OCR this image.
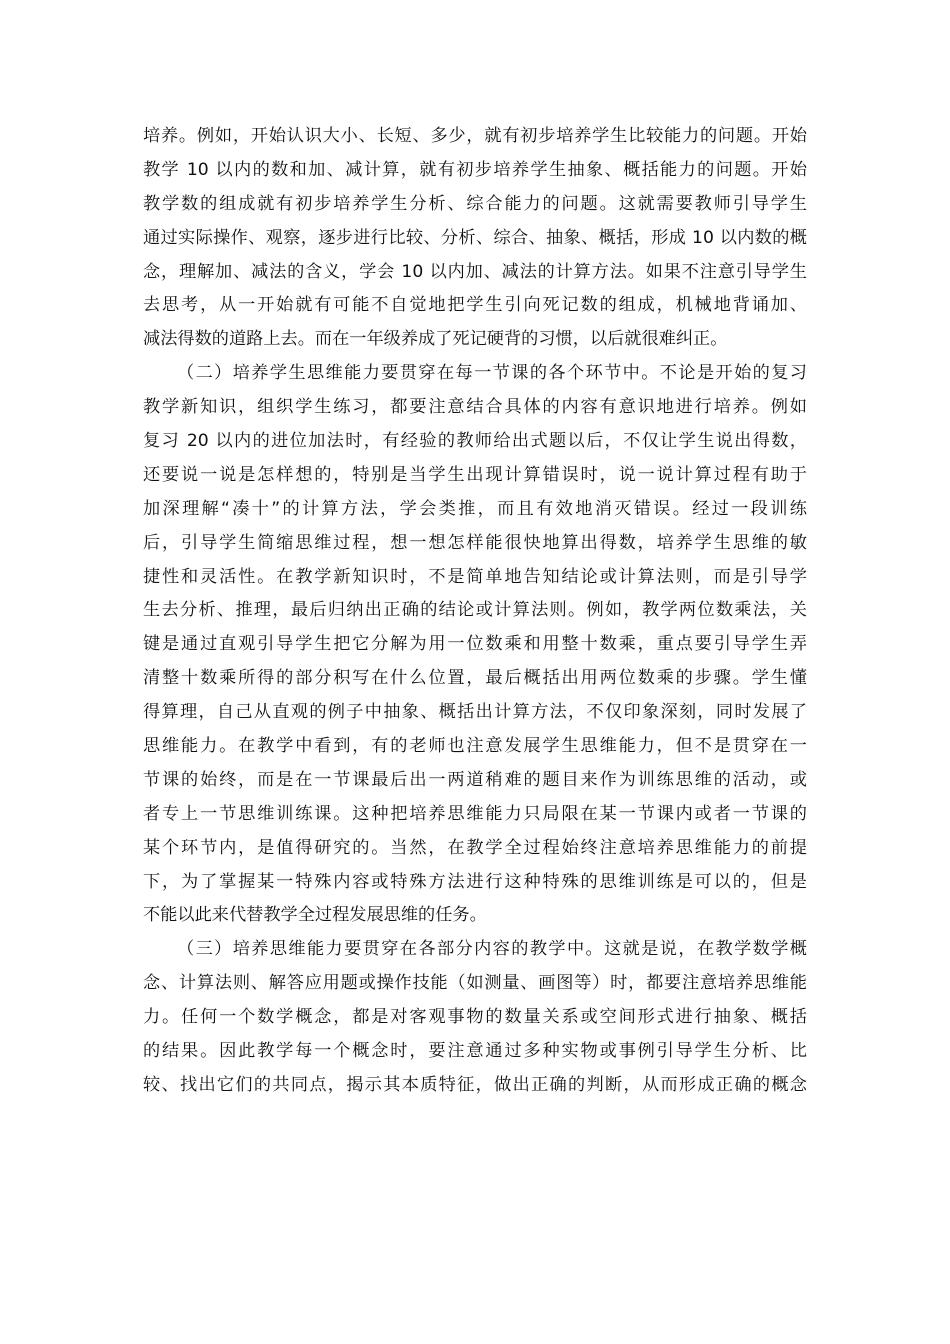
培养。例如，开始认识大小、长短、多少，就有初步培养学生比较能力的问题。开始
教学 10 以内的数和加、减计算，就有初步培养学生抽象、概括能力的问题。开始
教学数的组成就有初步培养学生分析、综合能力的问题。这就需要教师引导学生
通过实际操作、观察，逐步进行比较、分析、综合、抽象、概括，形成 10 以内数的概
念，理解加、减法的含义，学会 10 以内加、减法的计算方法。如果不注意引导学生
去思考，从一开始就有可能不自觉地把学生引向死记数的组成，机械地背诵加、
减法得数的道路上去。而在一年级养成了死记硬背的习惯，以后就很难纠正。
（二）培养学生思维能力要贯穿在每一节课的各个环节中。不论是开始的复习
教学新知识，组织学生练习，都要注意结合具体的内容有意识地进行培养。例如
复习 20 以内的进位加法时，有经验的教师给出式题以后，不仅让学生说出得数，
还要说一说是怎样想的，特别是当学生出现计算错误时，说一说计算过程有助于
加深理解“凑十”的计算方法，学会类推，而且有效地消灭错误。经过一段训练
后，引导学生简缩思维过程，想一想怎样能很快地算出得数，培养学生思维的敏
捷性和灵活性。在教学新知识时，不是简单地告知结论或计算法则，而是引导学
生去分析、推理，最后归纳出正确的结论或计算法则。例如，教学两位数乘法，关
键是通过直观引导学生把它分解为用一位数乘和用整十数乘，重点要引导学生弄
清整十数乘所得的部分积写在什么位置，最后概括出用两位数乘的步骤。学生懂
得算理，自己从直观的例子中抽象、概括出计算方法，不仅印象深刻，同时发展了
思维能力。在教学中看到，有的老师也注意发展学生思维能力，但不是贯穿在一
节课的始终，而是在一节课最后出一两道稍难的题目来作为训练思维的活动，或
者专上一节思维训练课。这种把培养思维能力只局限在某一节课内或者一节课的
某个环节内，是值得研究的。当然，在教学全过程始终注意培养思维能力的前提
下，为了掌握某一特殊内容或特殊方法进行这种特殊的思维训练是可以的，但是
不能以此来代替教学全过程发展思维的任务。
（三）培养思维能力要贯穿在各部分内容的教学中。这就是说，在教学数学概
念、计算法则、解答应用题或操作技能（如测量、画图等）时，都要注意培养思维能
力。任何一个数学概念，都是对客观事物的数量关系或空间形式进行抽象、概括
的结果。因此教学每一个概念时，要注意通过多种实物或事例引导学生分析、比
较、找出它们的共同点，揭示其本质特征，做出正确的判断，从而形成正确的概念
